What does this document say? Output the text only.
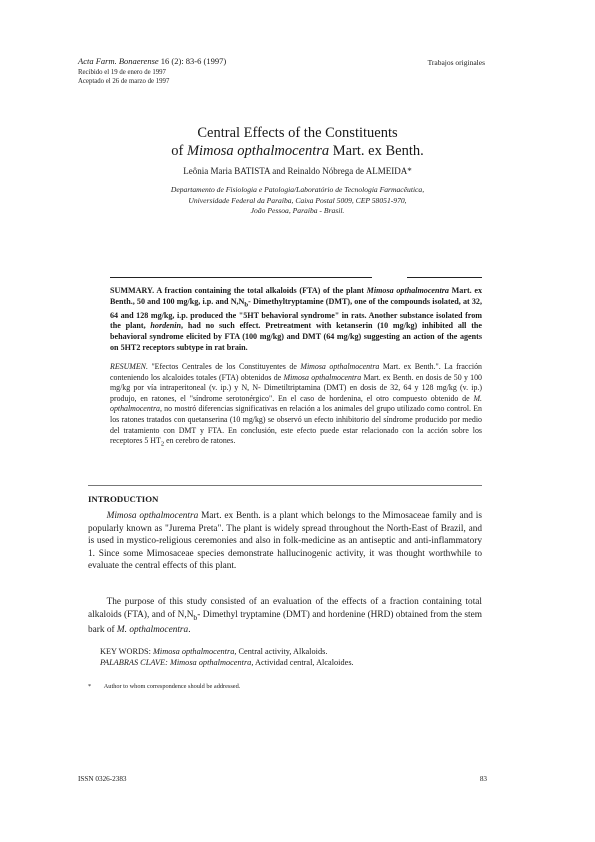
Acta Farm. Bonaerense 16 (2): 83-6 (1997)	Trabajos originales
Recibido el 19 de enero de 1997
Aceptado el 26 de marzo de 1997
Central Effects of the Constituents
of Mimosa opthalmocentra Mart. ex Benth.
Leônia Maria BATISTA and Reinaldo Nóbrega de ALMEIDA*
Departamento de Fisiologia e Patologia/Laboratório de Tecnologia Farmacêutica,
Universidade Federal da Paraíba, Caixa Postal 5009, CEP 58051-970,
João Pessoa, Paraíba - Brasil.
SUMMARY. A fraction containing the total alkaloids (FTA) of the plant Mimosa opthalmocentra Mart. ex Benth., 50 and 100 mg/kg, i.p. and $N,N_b-$ Dimethyltryptamine (DMT), one of the compounds isolated, at 32, 64 and 128 mg/kg, i.p. produced the "5HT behavioral syndrome" in rats. Another substance isolated from the plant, hordenin, had no such effect. Pretreatment with ketanserin (10 mg/kg) inhibited all the behavioral syndrome elicited by FTA (100 mg/kg) and DMT (64 mg/kg) suggesting an action of the agents on 5HT2 receptors subtype in rat brain.
RESUMEN. "Efectos Centrales de los Constituyentes de Mimosa opthalmocentra Mart. ex Benth.". La fracción conteniendo los alcaloides totales (FTA) obtenidos de Mimosa opthalmocentra Mart. ex Benth. en dosis de 50 y 100 mg/kg por vía intraperitoneal (v. ip.) y N, N- Dimetiltriptamina (DMT) en dosis de 32, 64 y 128 mg/kg (v. ip.) produjo, en ratones, el "síndrome serotonérgico". En el caso de hordenina, el otro compuesto obtenido de M. opthalmocentra, no mostró diferencias significativas en relación a los animales del grupo utilizado como control. En los ratones tratados con quetanserina (10 mg/kg) se observó un efecto inhibitorio del síndrome producido por medio del tratamiento con DMT y FTA. En conclusión, este efecto puede estar relacionado con la acción sobre los receptores 5 $HT_2$ en cerebro de ratones.
INTRODUCTION
  Mimosa opthalmocentra Mart. ex Benth. is a plant which belongs to the Mimosaceae family and is popularly known as "Jurema Preta". The plant is widely spread throughout the North-East of Brazil, and is used in mystico-religious ceremonies and also in folk-medicine as an antiseptic and anti-inflammatory 1. Since some Mimosaceae species demonstrate hallucinogenic activity, it was thought worthwhile to evaluate the central effects of this plant.
  The purpose of this study consisted of an evaluation of the effects of a fraction containing total alkaloids (FTA), and of $N,N_b-$ Dimethyl tryptamine (DMT) and hordenine (HRD) obtained from the stem bark of M. opthalmocentra.
KEY WORDS: Mimosa opthalmocentra, Central activity, Alkaloids.
PALABRAS CLAVE: Mimosa opthalmocentra, Actividad central, Alcaloides.
*   Author to whom correspondence should be addressed.
ISSN 0326-2383	83
